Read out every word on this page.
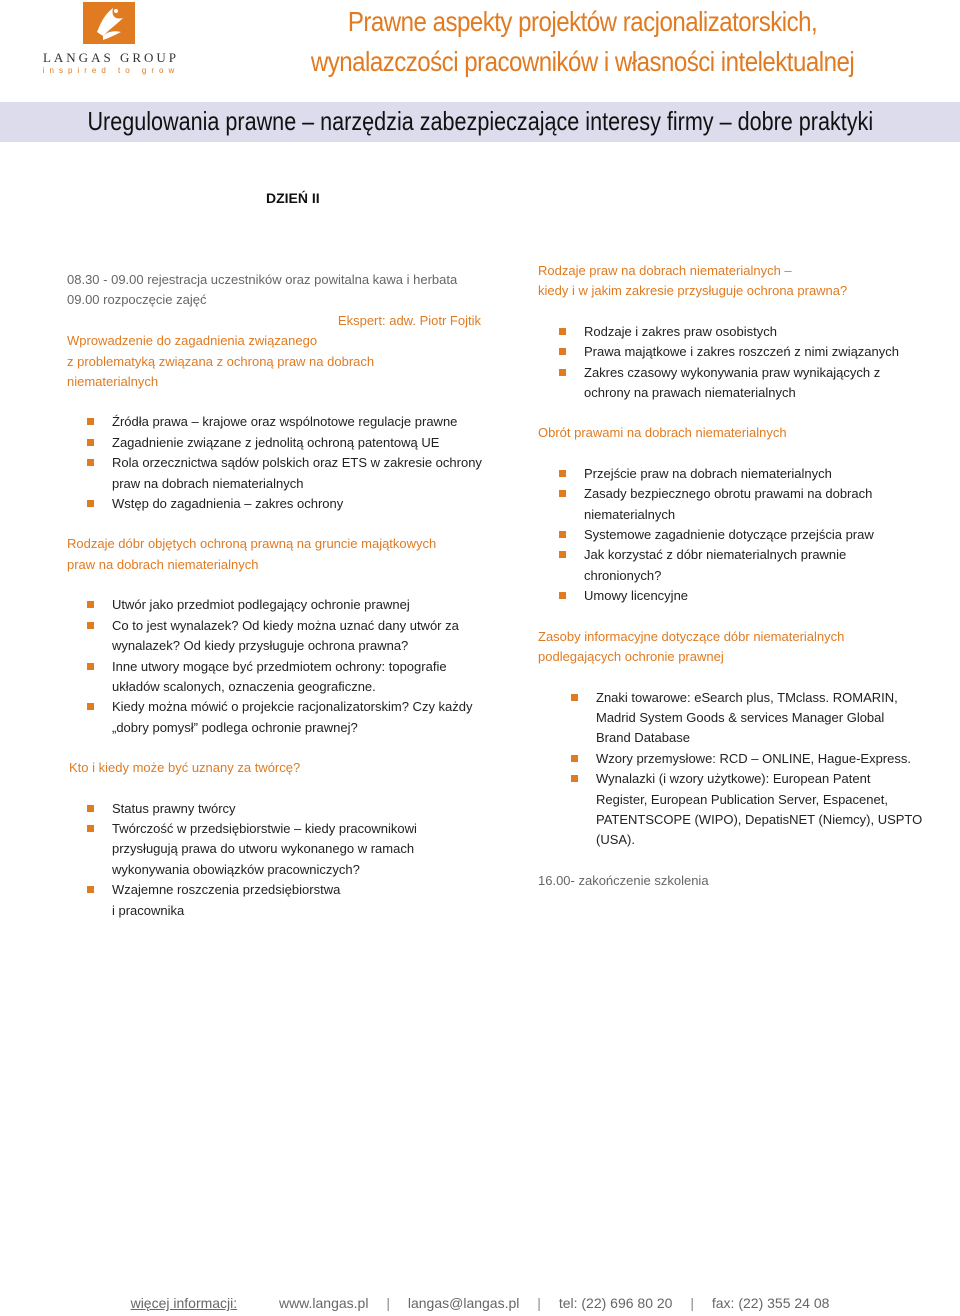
LANGAS GROUP
inspired to grow
Prawne aspekty projektów racjonalizatorskich,
wynalazczości pracowników i własności intelektualnej
Uregulowania prawne – narzędzia zabezpieczające interesy firmy – dobre praktyki
DZIEŃ II
08.30 - 09.00 rejestracja uczestników oraz powitalna kawa i herbata
09.00 rozpoczęcie zajęć
Ekspert: adw. Piotr Fojtik
Wprowadzenie do zagadnienia związanego
z problematyką związana z ochroną praw na dobrach
niematerialnych
Źródła prawa – krajowe oraz wspólnotowe regulacje prawne
Zagadnienie związane z jednolitą ochroną patentową UE
Rola orzecznictwa sądów polskich oraz ETS w zakresie ochrony
praw na dobrach niematerialnych
Wstęp do zagadnienia – zakres ochrony
Rodzaje dóbr objętych ochroną prawną na gruncie majątkowych
praw na dobrach niematerialnych
Utwór jako przedmiot podlegający ochronie prawnej
Co to jest wynalazek? Od kiedy można uznać dany utwór za
wynalazek? Od kiedy przysługuje ochrona prawna?
Inne utwory mogące być przedmiotem ochrony: topografie
układów scalonych, oznaczenia geograficzne.
Kiedy można mówić o projekcie racjonalizatorskim? Czy każdy
„dobry pomysł” podlega ochronie prawnej?
Kto i kiedy może być uznany za twórcę?
Status prawny twórcy
Twórczość w przedsiębiorstwie – kiedy pracownikowi
przysługują prawa do utworu wykonanego w ramach
wykonywania obowiązków pracowniczych?
Wzajemne roszczenia przedsiębiorstwa
i pracownika
Rodzaje praw na dobrach niematerialnych –
kiedy i w jakim zakresie przysługuje ochrona prawna?
Rodzaje i zakres praw osobistych
Prawa majątkowe i zakres roszczeń z nimi związanych
Zakres czasowy wykonywania praw wynikających z
ochrony na prawach niematerialnych
Obrót prawami na dobrach niematerialnych
Przejście praw na dobrach niematerialnych
Zasady bezpiecznego obrotu prawami na dobrach
niematerialnych
Systemowe zagadnienie dotyczące przejścia praw
Jak korzystać z dóbr niematerialnych prawnie
chronionych?
Umowy licencyjne
Zasoby informacyjne dotyczące dóbr niematerialnych
podlegających ochronie prawnej
Znaki towarowe: eSearch plus, TMclass. ROMARIN,
Madrid System Goods & services Manager Global
Brand Database
Wzory przemysłowe: RCD – ONLINE, Hague-Express.
Wynalazki (i wzory użytkowe): European Patent
Register, European Publication Server, Espacenet,
PATENTSCOPE (WIPO), DepatisNET (Niemcy), USPTO
(USA).
16.00- zakończenie szkolenia
więcej informacji:	www.langas.pl | langas@langas.pl | tel: (22) 696 80 20 | fax: (22) 355 24 08
